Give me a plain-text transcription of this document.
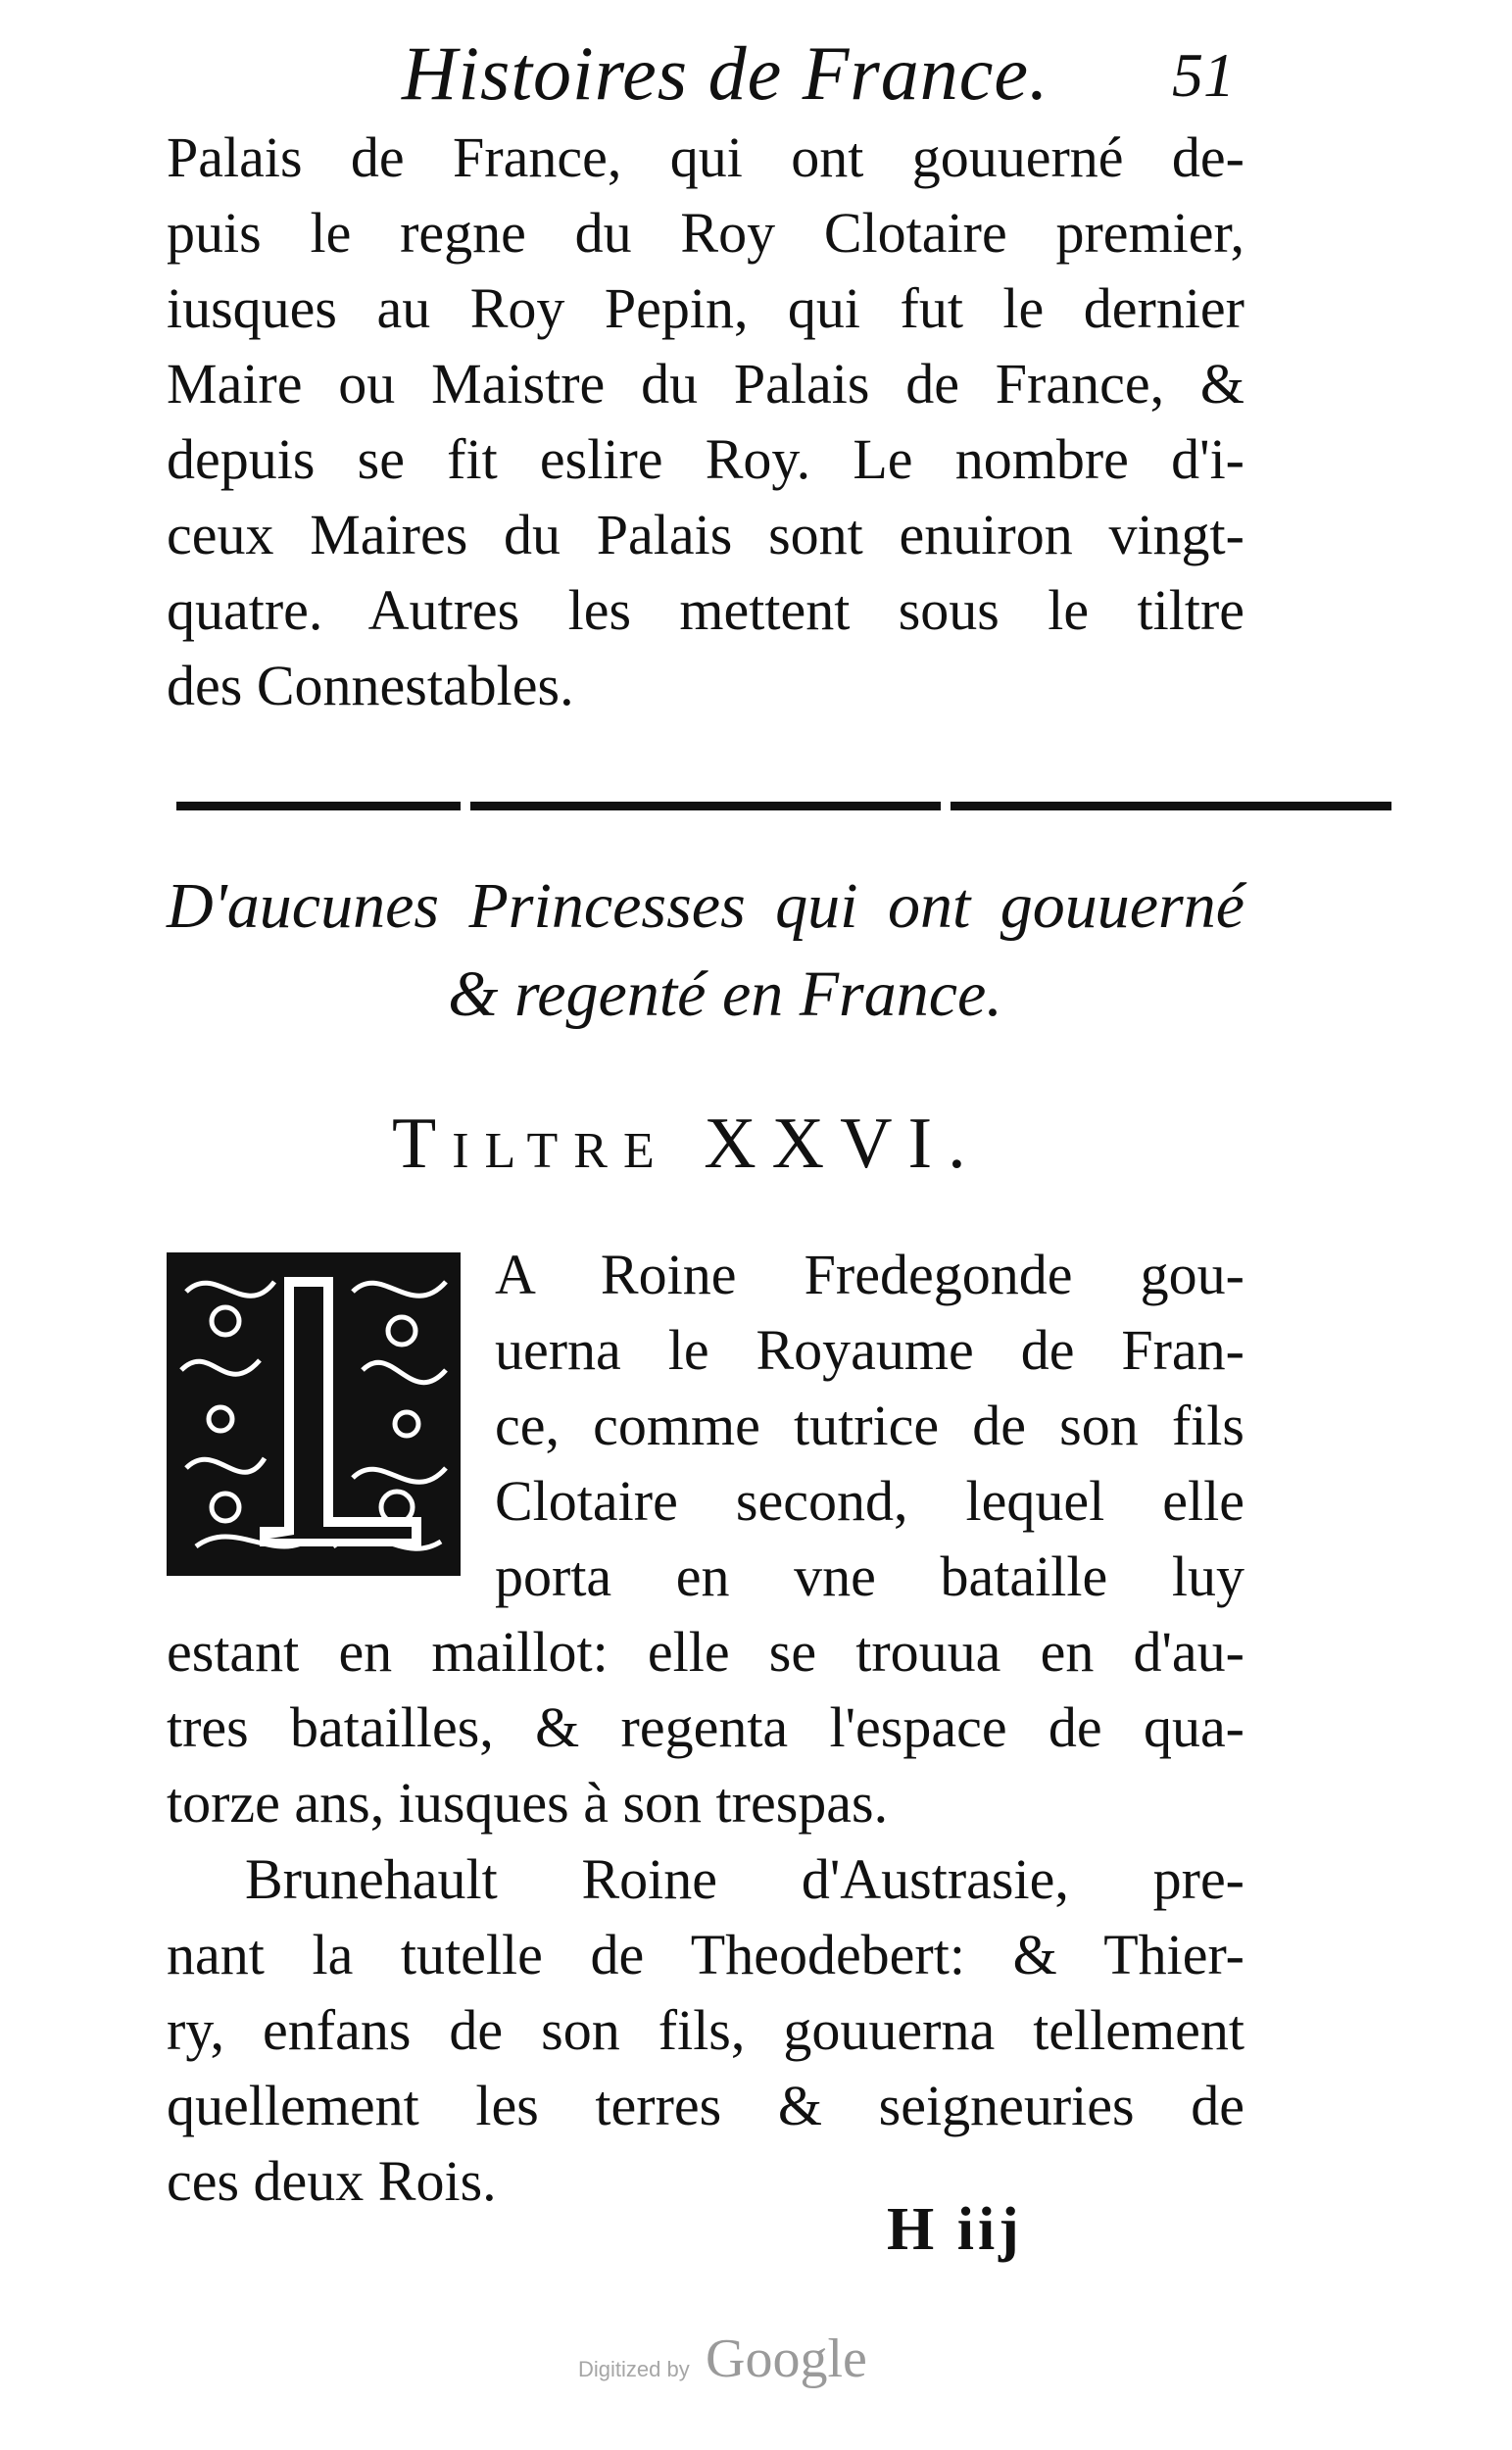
Histoires de France. 51
Palais de France, qui ont gouuerné de-
puis le regne du Roy Clotaire premier,
iusques au Roy Pepin, qui fut le dernier
Maire ou Maistre du Palais de France, &
depuis se fit eslire Roy. Le nombre d'i-
ceux Maires du Palais sont enuiron vingt-
quatre. Autres les mettent sous le tiltre
des Connestables.
D'aucunes Princesses qui ont gouuerné
& regenté en France.
Tiltre XXVI.
A Roine Fredegonde gou-
uerna le Royaume de Fran-
ce, comme tutrice de son fils
Clotaire second, lequel elle
porta en vne bataille luy
estant en maillot: elle se trouua en d'au-
tres batailles, & regenta l'espace de qua-
torze ans, iusques à son trespas.
Brunehault Roine d'Austrasie, pre-
nant la tutelle de Theodebert: & Thier-
ry, enfans de son fils, gouuerna tellement
quellement les terres & seigneuries de
ces deux Rois.
H iij
Digitized by Google
